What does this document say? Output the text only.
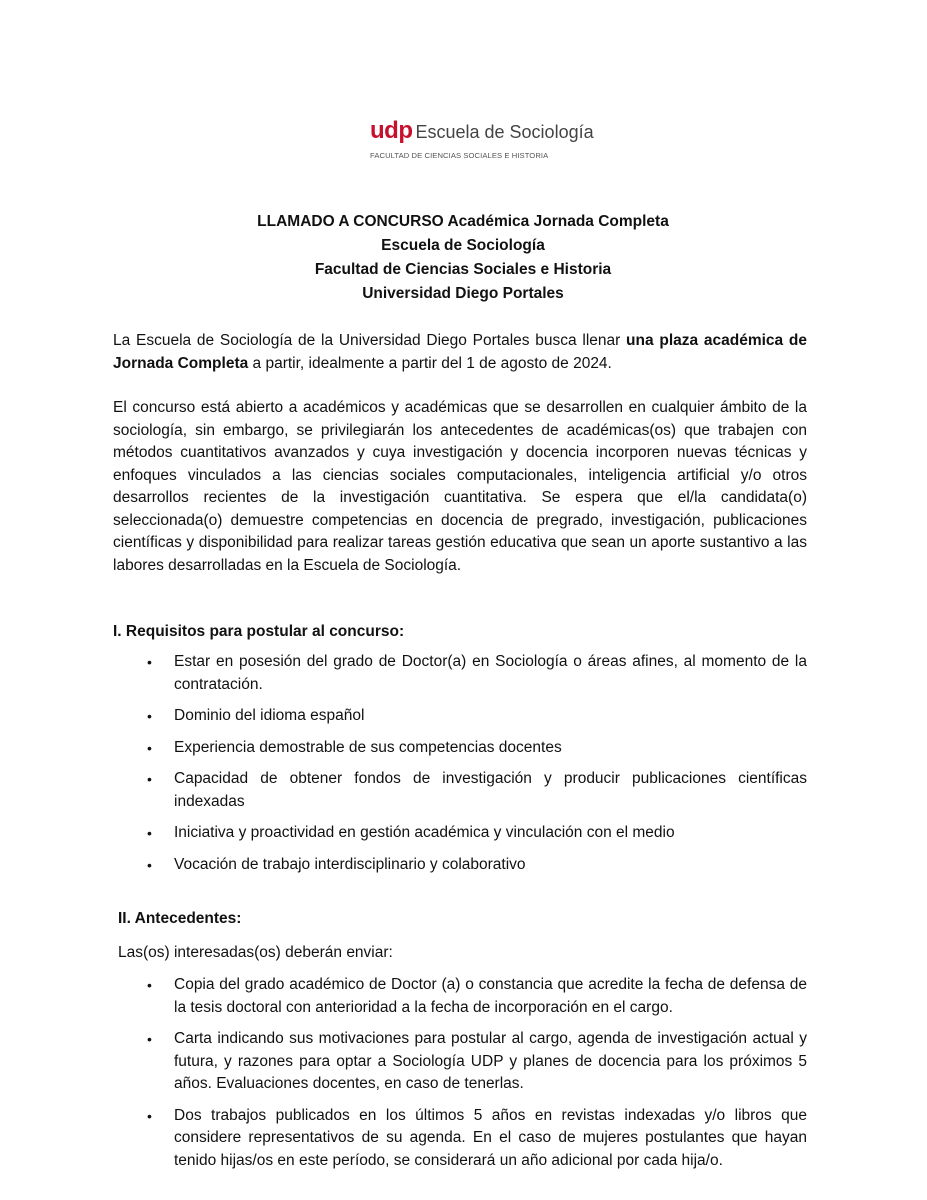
udp Escuela de Sociología
FACULTAD DE CIENCIAS SOCIALES E HISTORIA
LLAMADO A CONCURSO Académica Jornada Completa
Escuela de Sociología
Facultad de Ciencias Sociales e Historia
Universidad Diego Portales

La Escuela de Sociología de la Universidad Diego Portales busca llenar una plaza académica de Jornada Completa a partir, idealmente a partir del 1 de agosto de 2024.

El concurso está abierto a académicos y académicas que se desarrollen en cualquier ámbito de la sociología, sin embargo, se privilegiarán los antecedentes de académicas(os) que trabajen con métodos cuantitativos avanzados y cuya investigación y docencia incorporen nuevas técnicas y enfoques vinculados a las ciencias sociales computacionales, inteligencia artificial y/o otros desarrollos recientes de la investigación cuantitativa. Se espera que el/la candidata(o) seleccionada(o) demuestre competencias en docencia de pregrado, investigación, publicaciones científicas y disponibilidad para realizar tareas gestión educativa que sean un aporte sustantivo a las labores desarrolladas en la Escuela de Sociología.

I. Requisitos para postular al concurso:

• Estar en posesión del grado de Doctor(a) en Sociología o áreas afines, al momento de la contratación.
• Dominio del idioma español
• Experiencia demostrable de sus competencias docentes
• Capacidad de obtener fondos de investigación y producir publicaciones científicas indexadas
• Iniciativa y proactividad en gestión académica y vinculación con el medio
• Vocación de trabajo interdisciplinario y colaborativo

II. Antecedentes:

Las(os) interesadas(os) deberán enviar:

• Copia del grado académico de Doctor (a) o constancia que acredite la fecha de defensa de la tesis doctoral con anterioridad a la fecha de incorporación en el cargo.
• Carta indicando sus motivaciones para postular al cargo, agenda de investigación actual y futura, y razones para optar a Sociología UDP y planes de docencia para los próximos 5 años. Evaluaciones docentes, en caso de tenerlas.
• Dos trabajos publicados en los últimos 5 años en revistas indexadas y/o libros que considere representativos de su agenda. En el caso de mujeres postulantes que hayan tenido hijas/os en este período, se considerará un año adicional por cada hija/o.
